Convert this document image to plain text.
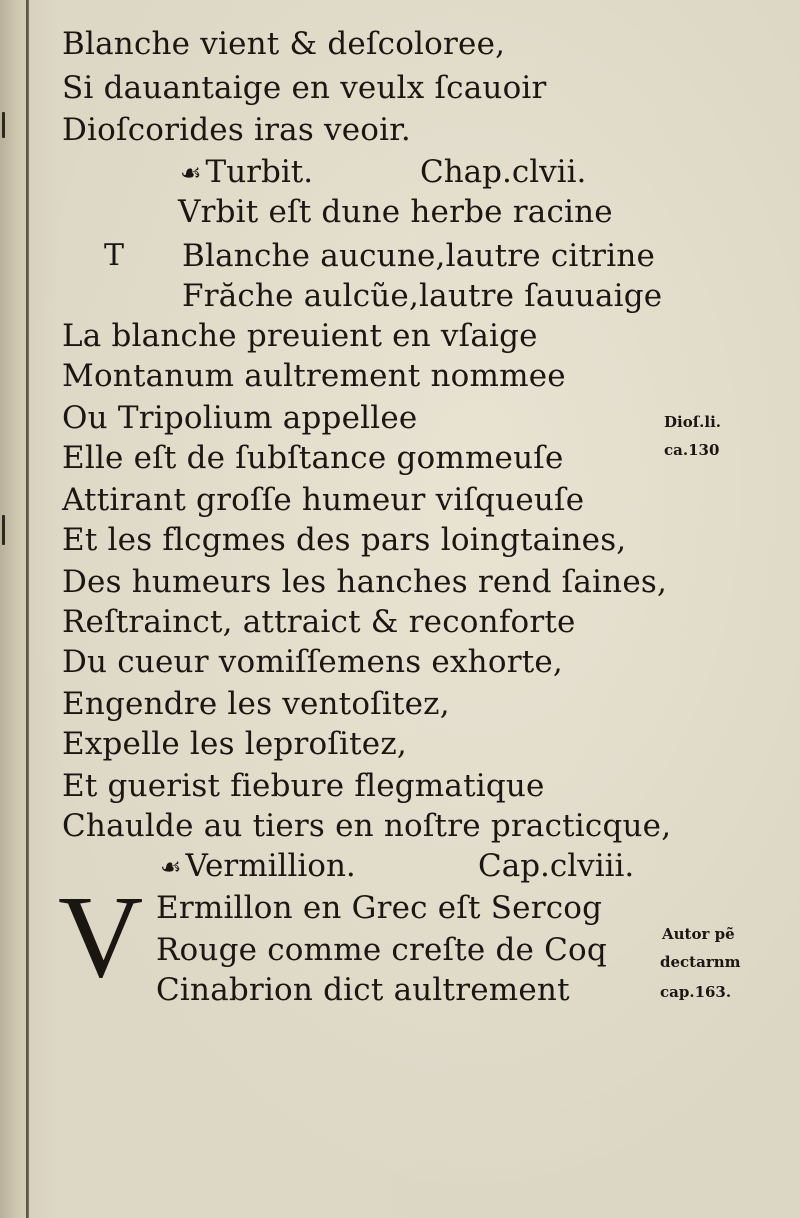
Blanche vient & deſcoloree,
Si dauantaige en veulx ſcauoir
Dioſcorides iras veoir.
☙ Turbit.	Chap.clvii.
T
Vrbit eſt dune herbe racine
Blanche aucune,lautre citrine
Frăche aulcũe,lautre ſauuaige
La blanche preuient en vſaige
Montanum aultrement nommee
Ou Tripolium appellee
Elle eſt de ſubſtance gommeuſe
Attirant groſſe humeur viſqueuſe
Et les flcgmes des pars loingtaines,
Des humeurs les hanches rend ſaines,
Reſtrainct, attraict & reconforte
Du cueur vomiſſemens exhorte,
Engendre les ventoſitez,
Expelle les leproſitez,
Et guerist fiebure flegmatique
Chaulde au tiers en noſtre practicque,
☙ Vermillion.	Cap.clviii.
V Ermillon en Grec eſt Sercog
Rouge comme creſte de Coq
Cinabrion dict aultrement
Dioſ.li.
ca.130
Autor pẽ
dectarnm
cap.163.
